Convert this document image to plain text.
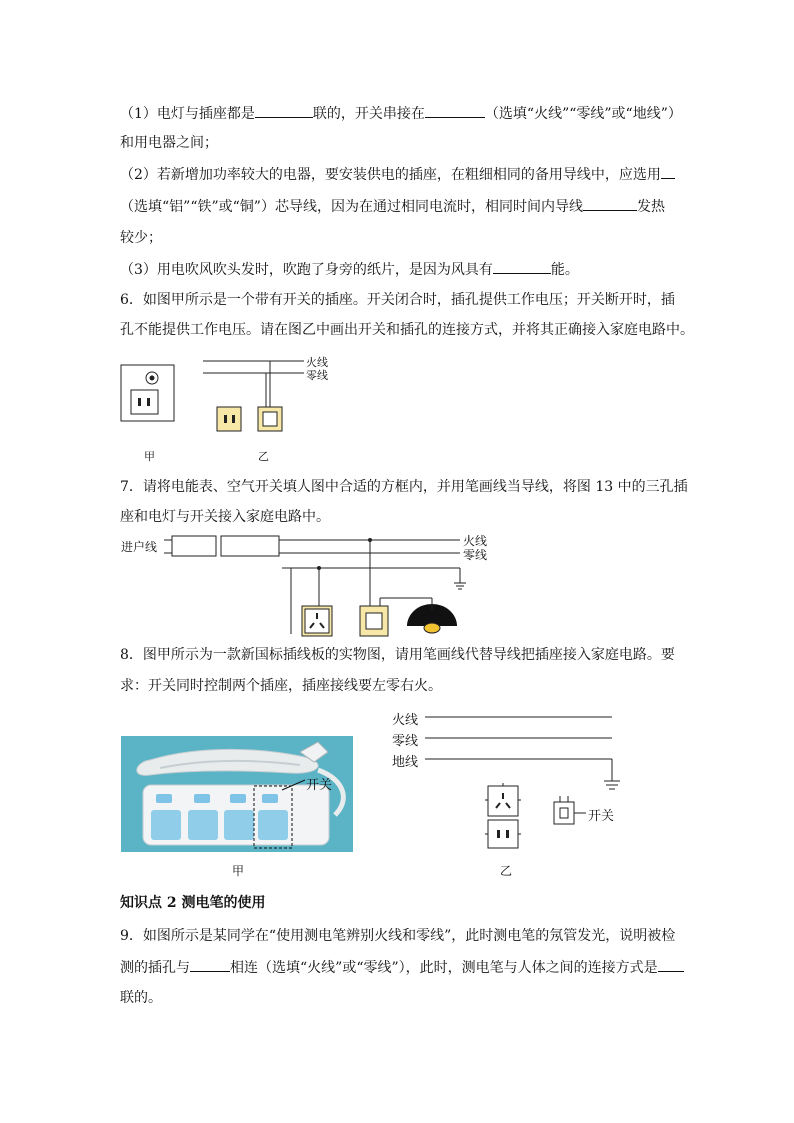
（1）电灯与插座都是	联的，开关串接在	（选填“火线”“零线”或“地线”）
和用电器之间；
（2）若新增加功率较大的电器，要安装供电的插座，在粗细相同的备用导线中，应选用
（选填“铝”“铁”或“铜”）芯导线，因为在通过相同电流时，相同时间内导线	发热
较少；
（3）用电吹风吹头发时，吹跑了身旁的纸片，是因为风具有	能。
6．如图甲所示是一个带有开关的插座。开关闭合时，插孔提供工作电压；开关断开时，插
孔不能提供工作电压。请在图乙中画出开关和插孔的连接方式，并将其正确接入家庭电路中。
火线
零线
甲	乙
7．请将电能表、空气开关填人图中合适的方框内，并用笔画线当导线，将图 13 中的三孔插
座和电灯与开关接入家庭电路中。
进户线	火线
零线
8．图甲所示为一款新国标插线板的实物图，请用笔画线代替导线把插座接入家庭电路。要
求：开关同时控制两个插座，插座接线要左零右火。
火线
零线
地线
开关
开关
甲	乙
知识点 2 测电笔的使用
9．如图所示是某同学在“使用测电笔辨别火线和零线”，此时测电笔的氖管发光，说明被检
测的插孔与	相连（选填“火线”或“零线”），此时，测电笔与人体之间的连接方式是
联的。
